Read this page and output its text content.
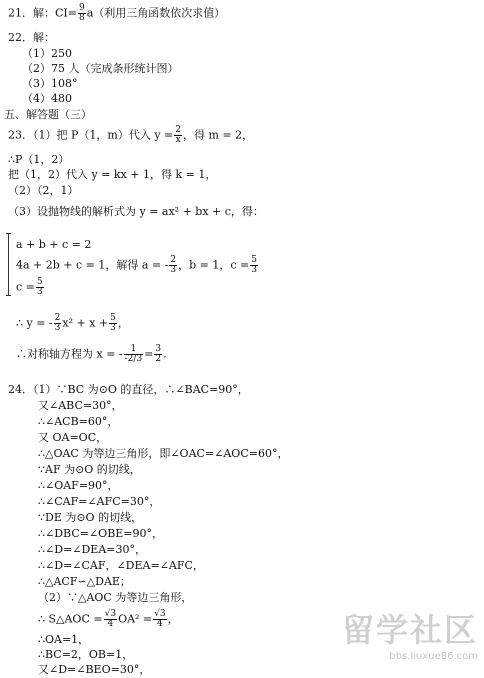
21．解：$CI= \frac{9}{8} a$（利用三角函数依次求值）
22．解：
（1）250
（2）75 人（完成条形统计图）
（3）108°
（4）480
五、解答题（三）
23．（1）把 P（1，m）代入 $y = \frac{2}{x}$ ，得 m = 2，
∴P（1，2）
把（1，2）代入 y = kx + 1，得 k = 1，
（2）（2，1）
（3）设抛物线的解析式为 y = ax² + bx + c，得：
a + b + c = 2
4a + 2b + c = 1，解得 a = - $\frac{2}{3}$ ，b = 1，$c = \frac{5}{3}$
$c = \frac{5}{3}$
∴ y = - $\frac{2}{3} x^2 + x + \frac{5}{3}$ ，
∴对称轴方程为 x = - $\frac{1}{-2/3} = \frac{3}{2}$ .
24．（1）∵BC 为⊙O 的直径，∴∠BAC=90°，
又∠ABC=30°，
∴∠ACB=60°，
又 OA=OC，
∴△OAC 为等边三角形，即∠OAC=∠AOC=60°，
∵AF 为⊙O 的切线，
∴∠OAF=90°，
∴∠CAF=∠AFC=30°，
∵DE 为⊙O 的切线，
∴∠DBC=∠OBE=90°，
∴∠D=∠DEA=30°，
∴∠D=∠CAF，∠DEA=∠AFC，
∴△ACF∽△DAE；
（2）∵△AOC 为等边三角形，
∴ S△AOC = $\frac{√3}{4} OA^2 = \frac{√3}{4}$ ，
∴OA=1，
∴BC=2，OB=1，
又∠D=∠BEO=30°，
留学社区
bbs.liuxue86.com
